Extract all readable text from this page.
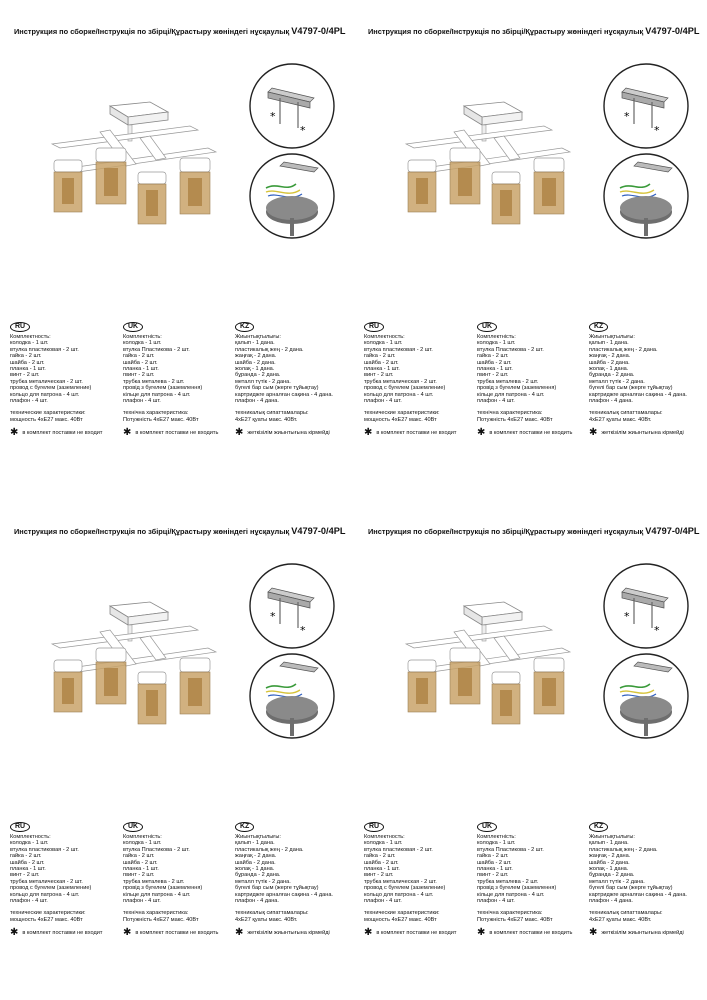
Инструкция по сборке/Інструкція по збірці/Құрастыру жөніндегі нұсқаулық V4797-0/4PL
*
*
RU
Комплектность:
колодка - 1 шт.
втулка пластиковая - 2 шт.
гайка - 2 шт.
шайба - 2 шт.
планка - 1 шт.
винт - 2 шт.
трубка металическая - 2 шт.
провод с бугелем (заземление)
кольцо для патрона - 4 шт.
плафон - 4 шт.
технические характеристики:
мощность 4xE27 макс. 40Вт
✱ в комплект поставки не входит
UK
Комплектність:
колодка - 1 шт.
втулка Пластикова - 2 шт.
гайка - 2 шт.
шайба - 2 шт.
планка - 1 шт.
гвинт - 2 шт.
трубка металева - 2 шт.
провід з бугелем (заземлення)
кільце для патрона - 4 шт.
плафон - 4 шт.
технічна характеристика:
Потужність 4xE27 макс. 40Вт
✱ в комплект поставки не входить
KZ
Жиынтықтылығы:
қалып - 1 дана.
пластикалық жең - 2 дана.
жаңғақ - 2 дана.
шайба - 2 дана.
жолақ - 1 дана.
бұранда - 2 дана.
металл түтік - 2 дана.
бүгелі бар сым (жерге тұйықтау)
картриджге арналған сақина - 4 дана.
плафон - 4 дана.
техникалық сипаттамалары:
4xE27 қуаты макс. 40Вт.
✱ жеткізілім жиынтығына кірмейді
Инструкция по сборке/Інструкція по збірці/Құрастыру жөніндегі нұсқаулық V4797-0/4PL
*
*
RU
Комплектность:
колодка - 1 шт.
втулка пластиковая - 2 шт.
гайка - 2 шт.
шайба - 2 шт.
планка - 1 шт.
винт - 2 шт.
трубка металическая - 2 шт.
провод с бугелем (заземление)
кольцо для патрона - 4 шт.
плафон - 4 шт.
технические характеристики:
мощность 4xE27 макс. 40Вт
✱ в комплект поставки не входит
UK
Комплектність:
колодка - 1 шт.
втулка Пластикова - 2 шт.
гайка - 2 шт.
шайба - 2 шт.
планка - 1 шт.
гвинт - 2 шт.
трубка металева - 2 шт.
провід з бугелем (заземлення)
кільце для патрона - 4 шт.
плафон - 4 шт.
технічна характеристика:
Потужність 4xE27 макс. 40Вт
✱ в комплект поставки не входить
KZ
Жиынтықтылығы:
қалып - 1 дана.
пластикалық жең - 2 дана.
жаңғақ - 2 дана.
шайба - 2 дана.
жолақ - 1 дана.
бұранда - 2 дана.
металл түтік - 2 дана.
бүгелі бар сым (жерге тұйықтау)
картриджге арналған сақина - 4 дана.
плафон - 4 дана.
техникалық сипаттамалары:
4xE27 қуаты макс. 40Вт.
✱ жеткізілім жиынтығына кірмейді
Инструкция по сборке/Інструкція по збірці/Құрастыру жөніндегі нұсқаулық V4797-0/4PL
*
*
RU
Комплектность:
колодка - 1 шт.
втулка пластиковая - 2 шт.
гайка - 2 шт.
шайба - 2 шт.
планка - 1 шт.
винт - 2 шт.
трубка металическая - 2 шт.
провод с бугелем (заземление)
кольцо для патрона - 4 шт.
плафон - 4 шт.
технические характеристики:
мощность 4xE27 макс. 40Вт
✱ в комплект поставки не входит
UK
Комплектність:
колодка - 1 шт.
втулка Пластикова - 2 шт.
гайка - 2 шт.
шайба - 2 шт.
планка - 1 шт.
гвинт - 2 шт.
трубка металева - 2 шт.
провід з бугелем (заземлення)
кільце для патрона - 4 шт.
плафон - 4 шт.
технічна характеристика:
Потужність 4xE27 макс. 40Вт
✱ в комплект поставки не входить
KZ
Жиынтықтылығы:
қалып - 1 дана.
пластикалық жең - 2 дана.
жаңғақ - 2 дана.
шайба - 2 дана.
жолақ - 1 дана.
бұранда - 2 дана.
металл түтік - 2 дана.
бүгелі бар сым (жерге тұйықтау)
картриджге арналған сақина - 4 дана.
плафон - 4 дана.
техникалық сипаттамалары:
4xE27 қуаты макс. 40Вт.
✱ жеткізілім жиынтығына кірмейді
Инструкция по сборке/Інструкція по збірці/Құрастыру жөніндегі нұсқаулық V4797-0/4PL
*
*
RU
Комплектность:
колодка - 1 шт.
втулка пластиковая - 2 шт.
гайка - 2 шт.
шайба - 2 шт.
планка - 1 шт.
винт - 2 шт.
трубка металическая - 2 шт.
провод с бугелем (заземление)
кольцо для патрона - 4 шт.
плафон - 4 шт.
технические характеристики:
мощность 4xE27 макс. 40Вт
✱ в комплект поставки не входит
UK
Комплектність:
колодка - 1 шт.
втулка Пластикова - 2 шт.
гайка - 2 шт.
шайба - 2 шт.
планка - 1 шт.
гвинт - 2 шт.
трубка металева - 2 шт.
провід з бугелем (заземлення)
кільце для патрона - 4 шт.
плафон - 4 шт.
технічна характеристика:
Потужність 4xE27 макс. 40Вт
✱ в комплект поставки не входить
KZ
Жиынтықтылығы:
қалып - 1 дана.
пластикалық жең - 2 дана.
жаңғақ - 2 дана.
шайба - 2 дана.
жолақ - 1 дана.
бұранда - 2 дана.
металл түтік - 2 дана.
бүгелі бар сым (жерге тұйықтау)
картриджге арналған сақина - 4 дана.
плафон - 4 дана.
техникалық сипаттамалары:
4xE27 қуаты макс. 40Вт.
✱ жеткізілім жиынтығына кірмейді
